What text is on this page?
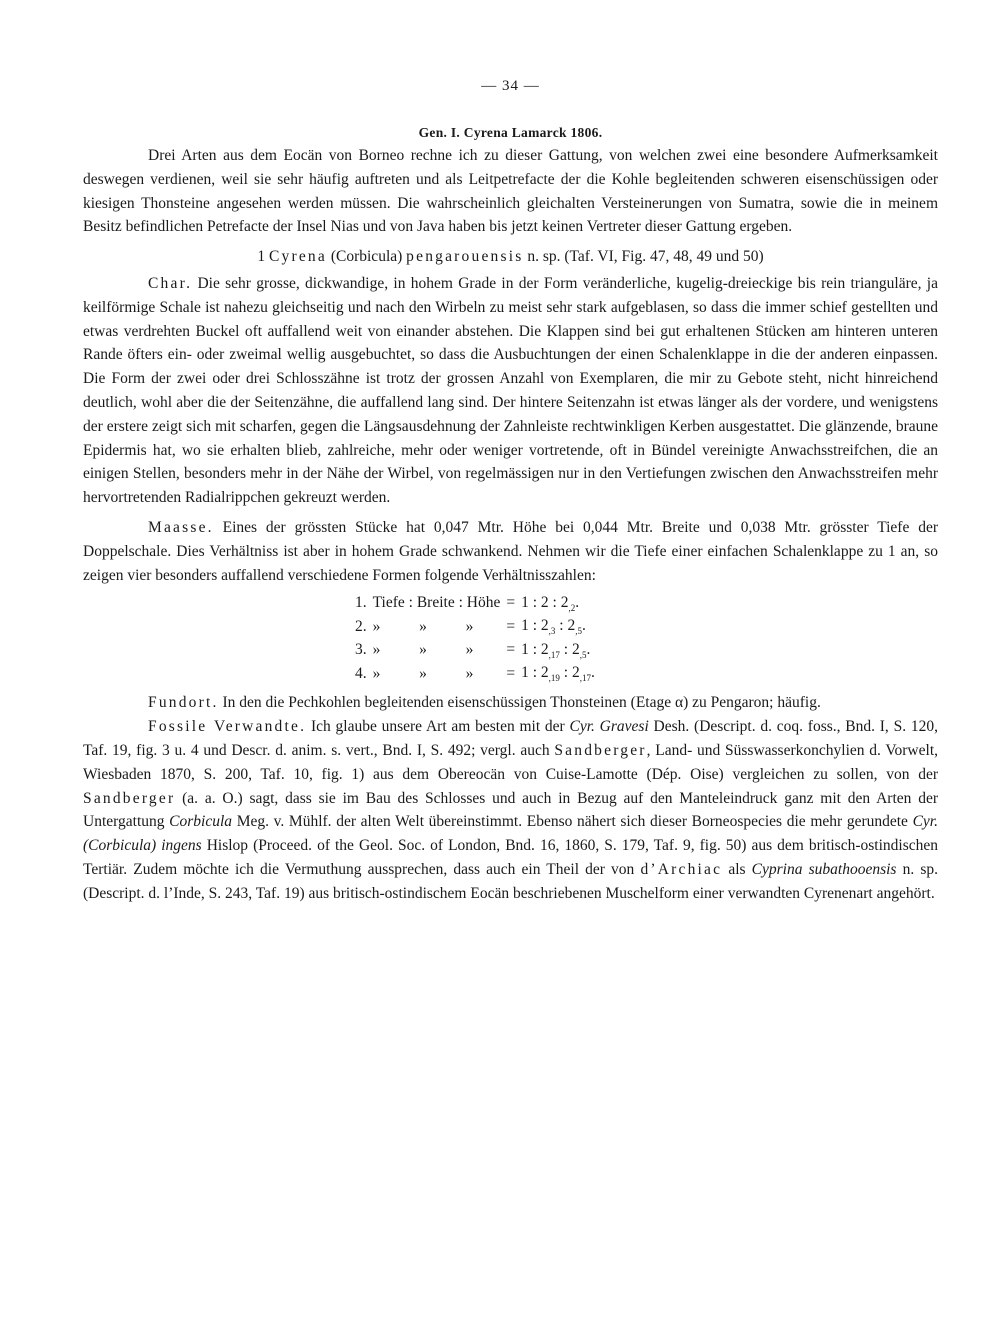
— 34 —
Gen. I. Cyrena Lamarck 1806.

Drei Arten aus dem Eocän von Borneo rechne ich zu dieser Gattung, von welchen zwei eine besondere Aufmerksamkeit deswegen verdienen, weil sie sehr häufig auftreten und als Leitpetrefacte der die Kohle begleitenden schweren eisenschüssigen oder kiesigen Thonsteine angesehen werden müssen. Die wahrscheinlich gleichalten Versteinerungen von Sumatra, sowie die in meinem Besitz befindlichen Petrefacte der Insel Nias und von Java haben bis jetzt keinen Vertreter dieser Gattung ergeben.

1 Cyrena (Corbicula) pengarouensis n. sp. (Taf. VI, Fig. 47, 48, 49 und 50)

Char. Die sehr grosse, dickwandige, in hohem Grade in der Form veränderliche, kugelig-dreieckige bis rein trianguläre, ja keilförmige Schale ist nahezu gleichseitig und nach den Wirbeln zu meist sehr stark aufgeblasen, so dass die immer schief gestellten und etwas verdrehten Buckel oft auffallend weit von einander abstehen. Die Klappen sind bei gut erhaltenen Stücken am hinteren unteren Rande öfters ein- oder zweimal wellig ausgebuchtet, so dass die Ausbuchtungen der einen Schalenklappe in die der anderen einpassen. Die Form der zwei oder drei Schlosszähne ist trotz der grossen Anzahl von Exemplaren, die mir zu Gebote steht, nicht hinreichend deutlich, wohl aber die der Seitenzähne, die auffallend lang sind. Der hintere Seitenzahn ist etwas länger als der vordere, und wenigstens der erstere zeigt sich mit scharfen, gegen die Längsausdehnung der Zahnleiste rechtwinkligen Kerben ausgestattet. Die glänzende, braune Epidermis hat, wo sie erhalten blieb, zahlreiche, mehr oder weniger vortretende, oft in Bündel vereinigte Anwachsstreifchen, die an einigen Stellen, besonders mehr in der Nähe der Wirbel, von regelmässigen nur in den Vertiefungen zwischen den Anwachsstreifen mehr hervortretenden Radialrippchen gekreuzt werden.

Maasse. Eines der grössten Stücke hat 0,047 Mtr. Höhe bei 0,044 Mtr. Breite und 0,038 Mtr. grösster Tiefe der Doppelschale. Dies Verhältniss ist aber in hohem Grade schwankend. Nehmen wir die Tiefe einer einfachen Schalenklappe zu 1 an, so zeigen vier besonders auffallend verschiedene Formen folgende Verhältnisszahlen:

1.	Tiefe : Breite : Höhe	=	1 : 2 : $2_{,2}$.
2.	»          »          »	=	1 : $2_{,3}$ : $2_{,5}$.
3.	»          »          »	=	1 : $2_{,17}$ : $2_{,5}$.
4.	»          »          »	=	1 : $2_{,19}$ : $2_{,17}$.

Fundort. In den die Pechkohlen begleitenden eisenschüssigen Thonsteinen (Etage α) zu Pengaron; häufig.

Fossile Verwandte. Ich glaube unsere Art am besten mit der Cyr. Gravesi Desh. (Descript. d. coq. foss., Bnd. I, S. 120, Taf. 19, fig. 3 u. 4 und Descr. d. anim. s. vert., Bnd. I, S. 492; vergl. auch Sandberger, Land- und Süsswasserkonchylien d. Vorwelt, Wiesbaden 1870, S. 200, Taf. 10, fig. 1) aus dem Obereocän von Cuise-Lamotte (Dép. Oise) vergleichen zu sollen, von der Sandberger (a. a. O.) sagt, dass sie im Bau des Schlosses und auch in Bezug auf den Manteleindruck ganz mit den Arten der Untergattung Corbicula Meg. v. Mühlf. der alten Welt übereinstimmt. Ebenso nähert sich dieser Borneospecies die mehr gerundete Cyr. (Corbicula) ingens Hislop (Proceed. of the Geol. Soc. of London, Bnd. 16, 1860, S. 179, Taf. 9, fig. 50) aus dem britisch-ostindischen Tertiär. Zudem möchte ich die Vermuthung aussprechen, dass auch ein Theil der von d’Archiac als Cyprina subathooensis n. sp. (Descript. d. l’Inde, S. 243, Taf. 19) aus britisch-ostindischem Eocän beschriebenen Muschelform einer verwandten Cyrenenart angehört.
